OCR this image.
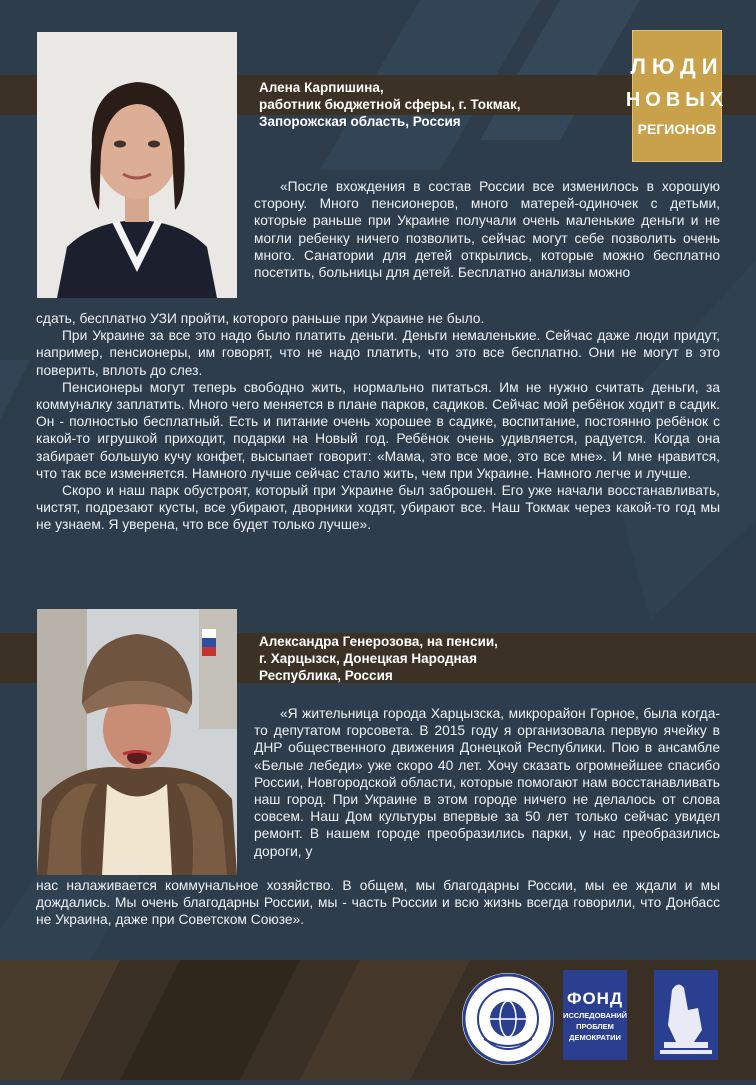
ЛЮДИ
НОВЫХ
РЕГИОНОВ
Алена Карпишина,
работник бюджетной сферы, г. Токмак,
Запорожская область, Россия

«После вхождения в состав России все изменилось в хорошую сторону. Много пенсионеров, много матерей-одиночек с детьми, которые раньше при Украине получали очень маленькие деньги и не могли ребенку ничего позволить, сейчас могут себе позволить очень много. Санатории для детей открылись, которые можно бесплатно посетить, больницы для детей. Бесплатно анализы можно

сдать, бесплатно УЗИ пройти, которого раньше при Украине не было.

При Украине за все это надо было платить деньги. Деньги немаленькие. Сейчас даже люди придут, например, пенсионеры, им говорят, что не надо платить, что это все бесплатно. Они не могут в это поверить, вплоть до слез.

Пенсионеры могут теперь свободно жить, нормально питаться. Им не нужно считать деньги, за коммуналку заплатить. Много чего меняется в плане парков, садиков. Сейчас мой ребёнок ходит в садик. Он - полностью бесплатный. Есть и питание очень хорошее в садике, воспитание, постоянно ребёнок с какой-то игрушкой приходит, подарки на Новый год. Ребёнок очень удивляется, радуется. Когда она забирает большую кучу конфет, высыпает говорит: «Мама, это все мое, это все мне». И мне нравится, что так все изменяется. Намного лучше сейчас стало жить, чем при Украине. Намного легче и лучше.

Скоро и наш парк обустроят, который при Украине был заброшен. Его уже начали восстанавливать, чистят, подрезают кусты, все убирают, дворники ходят, убирают все. Наш Токмак через какой-то год мы не узнаем. Я уверена, что все будет только лучше».

Александра Генерозова, на пенсии,
г. Харцызск, Донецкая Народная
Республика, Россия

«Я жительница города Харцызска, микрорайон Горное, была когда-то депутатом горсовета. В 2015 году я организовала первую ячейку в ДНР общественного движения Донецкой Республики. Пою в ансамбле «Белые лебеди» уже скоро 40 лет. Хочу сказать огромнейшее спасибо России, Новгородской области, которые помогают нам восстанавливать наш город. При Украине в этом городе ничего не делалось от слова совсем. Наш Дом культуры впервые за 50 лет только сейчас увидел ремонт. В нашем городе преобразились парки, у нас преобразились дороги, у

нас налаживается коммунальное хозяйство. В общем, мы благодарны России, мы ее ждали и мы дождались. Мы очень благодарны России, мы - часть России и всю жизнь всегда говорили, что Донбасс не Украина, даже при Советском Союзе».

ФОНД
ИССЛЕДОВАНИЙ
ПРОБЛЕМ
ДЕМОКРАТИИ
